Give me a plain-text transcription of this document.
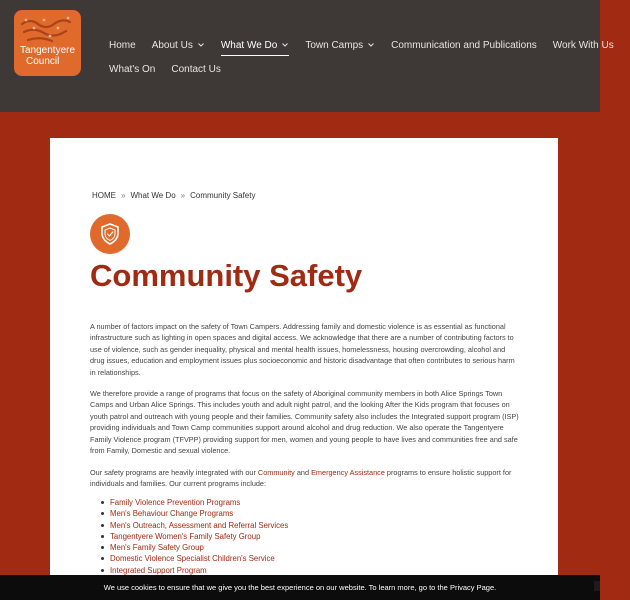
Tangentyere
Council
Home About Us	What We Do	Town Camps	Communication and Publications Work With Us
What's On Contact Us
HOME » What We Do » Community Safety
Community Safety

A number of factors impact on the safety of Town Campers. Addressing family and domestic violence is as essential as functional infrastructure such as lighting in open spaces and digital access. We acknowledge that there are a number of contributing factors to use of violence, such as gender inequality, physical and mental health issues, homelessness, housing overcrowding, alcohol and drug issues, education and employment issues plus socioeconomic and historic disadvantage that often contributes to serious harm in relationships.

We therefore provide a range of programs that focus on the safety of Aboriginal community members in both Alice Springs Town Camps and Urban Alice Springs. This includes youth and adult night patrol, and the looking After the Kids program that focuses on youth patrol and outreach with young people and their families. Community safety also includes the Integrated support program (ISP) providing individuals and Town Camp communities support around alcohol and drug reduction. We also operate the Tangentyere Family Violence program (TFVPP) providing support for men, women and young people to have lives and communities free and safe from Family, Domestic and sexual violence.

Our safety programs are heavily integrated with our Community and Emergency Assistance programs to ensure holistic support for individuals and families. Our current programs include:

Family Violence Prevention Programs
Men's Behaviour Change Programs
Men's Outreach, Assessment and Referral Services
Tangentyere Women's Family Safety Group
Men's Family Safety Group
Domestic Violence Specialist Children's Service
Integrated Support Program
We use cookies to ensure that we give you the best experience on our website. To learn more, go to the Privacy Page.
